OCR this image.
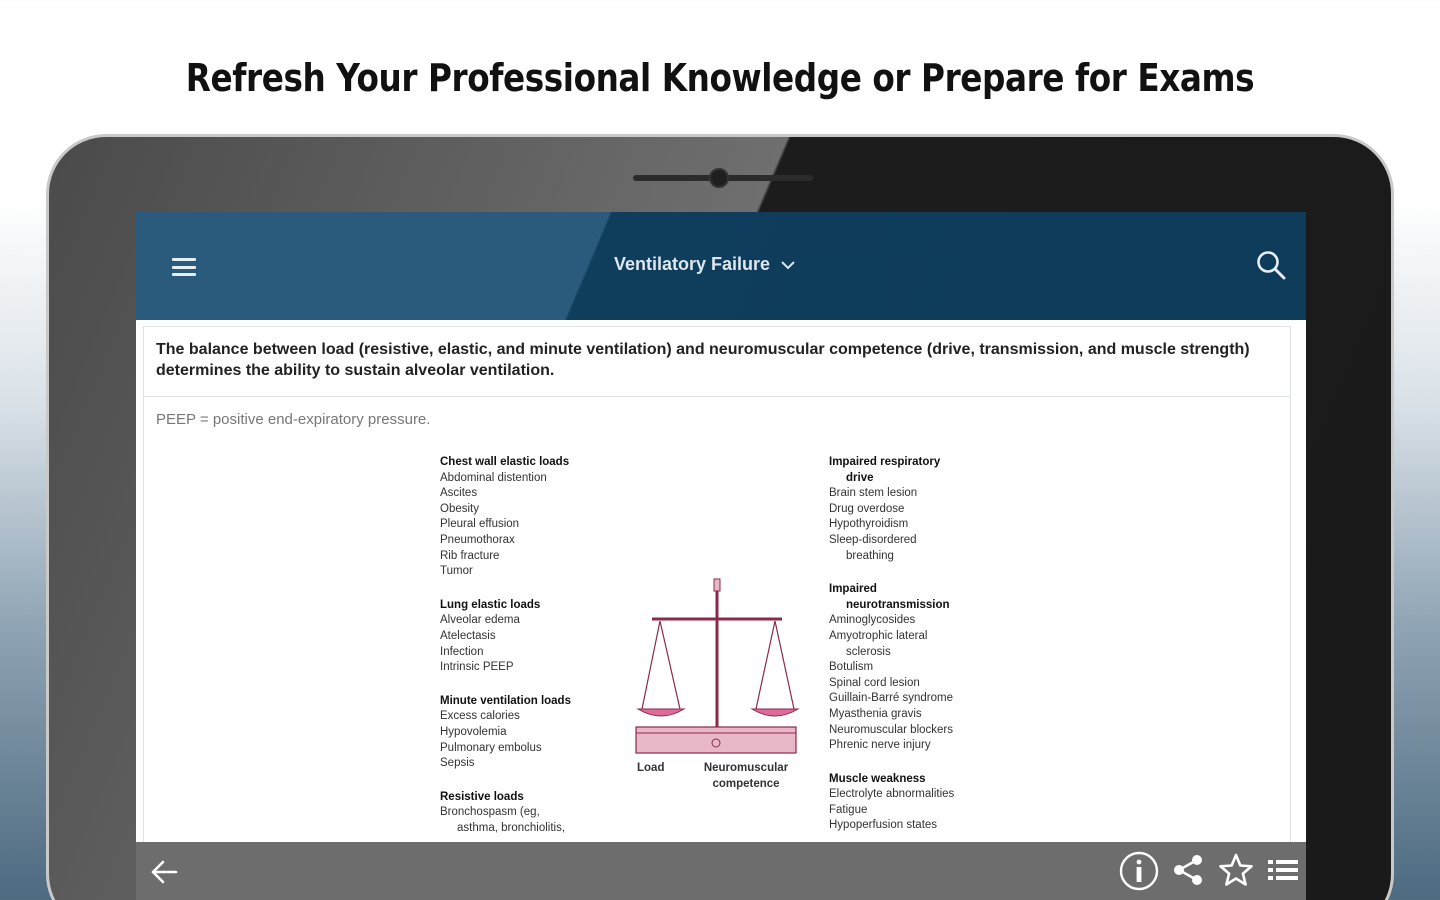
Refresh Your Professional Knowledge or Prepare for Exams
Ventilatory Failure
The balance between load (resistive, elastic, and minute ventilation) and neuromuscular competence (drive, transmission, and muscle strength) determines the ability to sustain alveolar ventilation.
PEEP = positive end-expiratory pressure.
Chest wall elastic loads
Abdominal distention
Ascites
Obesity
Pleural effusion
Pneumothorax
Rib fracture
Tumor
Lung elastic loads
Alveolar edema
Atelectasis
Infection
Intrinsic PEEP
Minute ventilation loads
Excess calories
Hypovolemia
Pulmonary embolus
Sepsis
Resistive loads
Bronchospasm (eg,
asthma, bronchiolitis,
Load	Neuromuscular
competence
Impaired respiratory
drive
Brain stem lesion
Drug overdose
Hypothyroidism
Sleep-disordered
breathing
Impaired
neurotransmission
Aminoglycosides
Amyotrophic lateral
sclerosis
Botulism
Spinal cord lesion
Guillain-Barré syndrome
Myasthenia gravis
Neuromuscular blockers
Phrenic nerve injury
Muscle weakness
Electrolyte abnormalities
Fatigue
Hypoperfusion states
